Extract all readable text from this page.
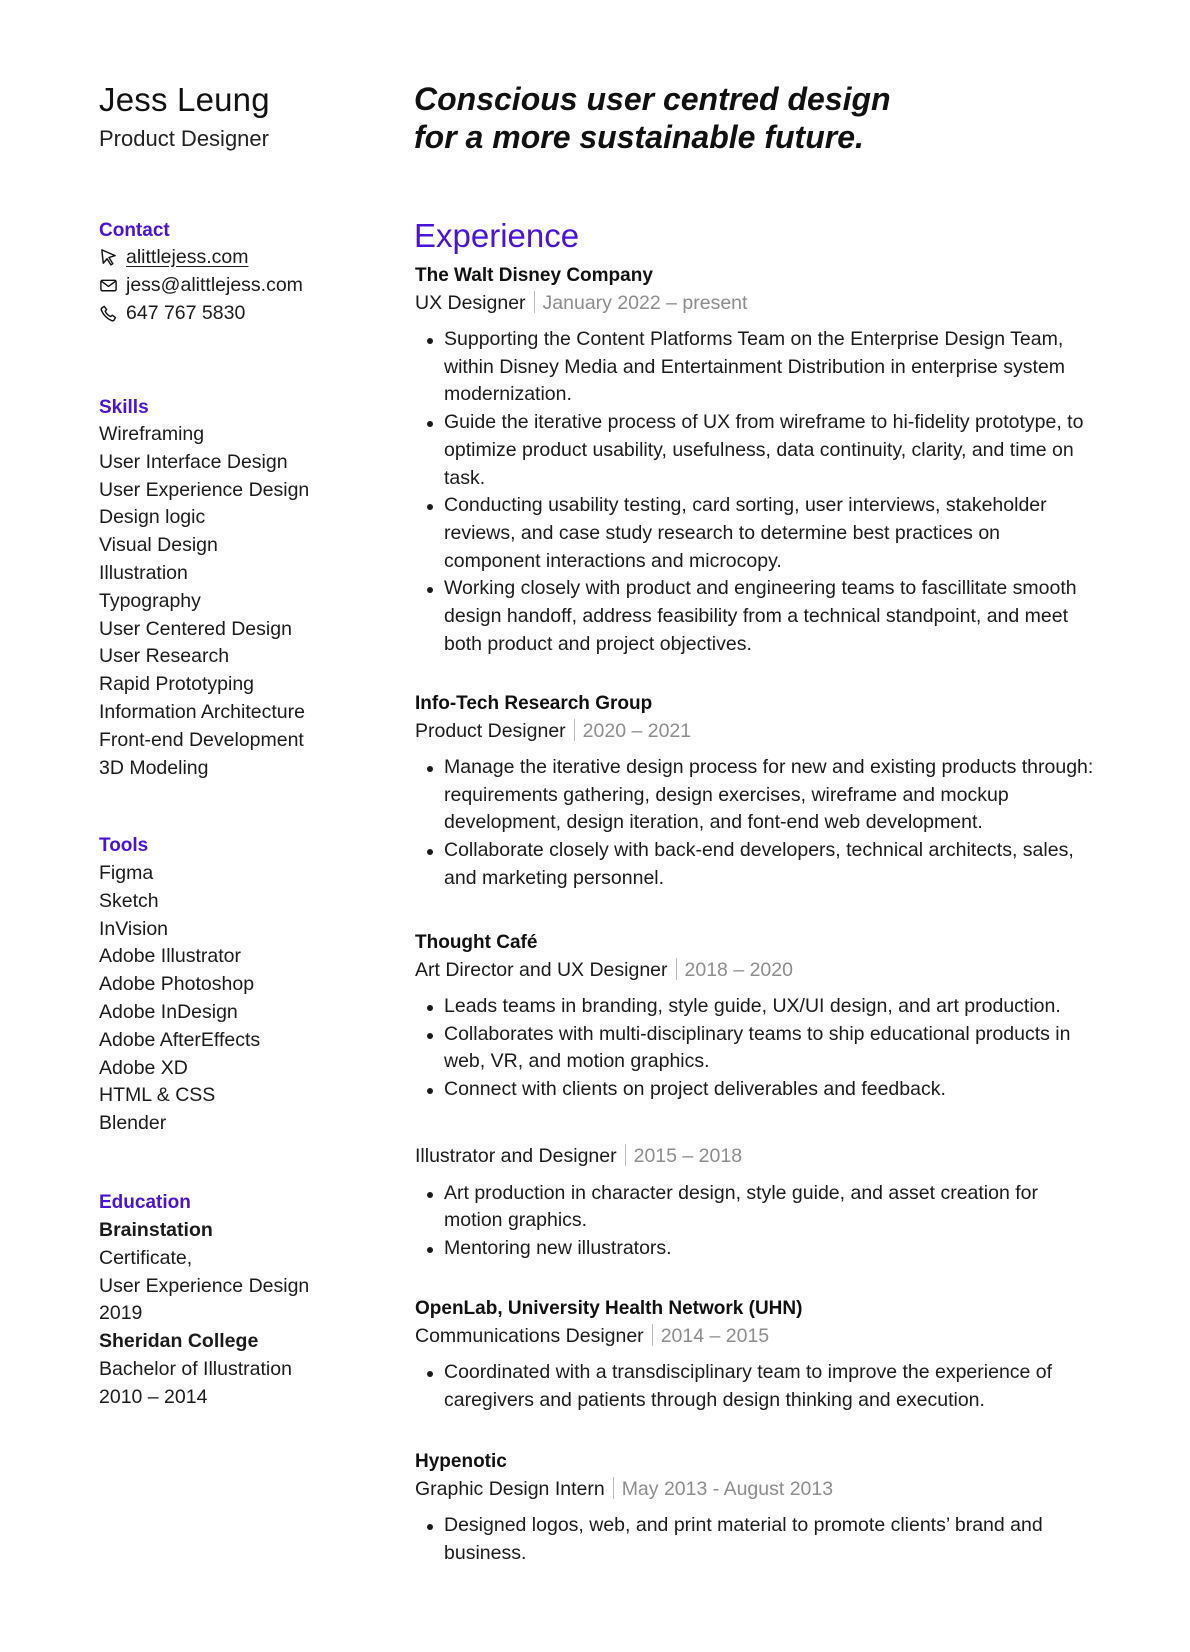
Jess Leung
Product Designer
Conscious user centred design
for a more sustainable future.
Contact
alittlejess.com
jess@alittlejess.com
647 767 5830
Skills
Wireframing
User Interface Design
User Experience Design
Design logic
Visual Design
Illustration
Typography
User Centered Design
User Research
Rapid Prototyping
Information Architecture
Front-end Development
3D Modeling
Tools
Figma
Sketch
InVision
Adobe Illustrator
Adobe Photoshop
Adobe InDesign
Adobe AfterEffects
Adobe XD
HTML & CSS
Blender
Education
Brainstation
Certificate,
User Experience Design
2019
Sheridan College
Bachelor of Illustration
2010 – 2014
Experience
The Walt Disney Company
UX Designer January 2022 – present
Supporting the Content Platforms Team on the Enterprise Design Team, within Disney Media and Entertainment Distribution in enterprise system modernization.
Guide the iterative process of UX from wireframe to hi-fidelity prototype, to optimize product usability, usefulness, data continuity, clarity, and time on task.
Conducting usability testing, card sorting, user interviews, stakeholder reviews, and case study research to determine best practices on component interactions and microcopy.
Working closely with product and engineering teams to fascillitate smooth design handoff, address feasibility from a technical standpoint, and meet both product and project objectives.
Info-Tech Research Group
Product Designer 2020 – 2021
Manage the iterative design process for new and existing products through: requirements gathering, design exercises, wireframe and mockup development, design iteration, and font-end web development.
Collaborate closely with back-end developers, technical architects, sales, and marketing personnel.
Thought Café
Art Director and UX Designer 2018 – 2020
Leads teams in branding, style guide, UX/UI design, and art production.
Collaborates with multi-disciplinary teams to ship educational products in web, VR, and motion graphics.
Connect with clients on project deliverables and feedback.
Illustrator and Designer 2015 – 2018
Art production in character design, style guide, and asset creation for motion graphics.
Mentoring new illustrators.
OpenLab, University Health Network (UHN)
Communications Designer 2014 – 2015
Coordinated with a transdisciplinary team to improve the experience of caregivers and patients through design thinking and execution.
Hypenotic
Graphic Design Intern May 2013 - August 2013
Designed logos, web, and print material to promote clients’ brand and business.
